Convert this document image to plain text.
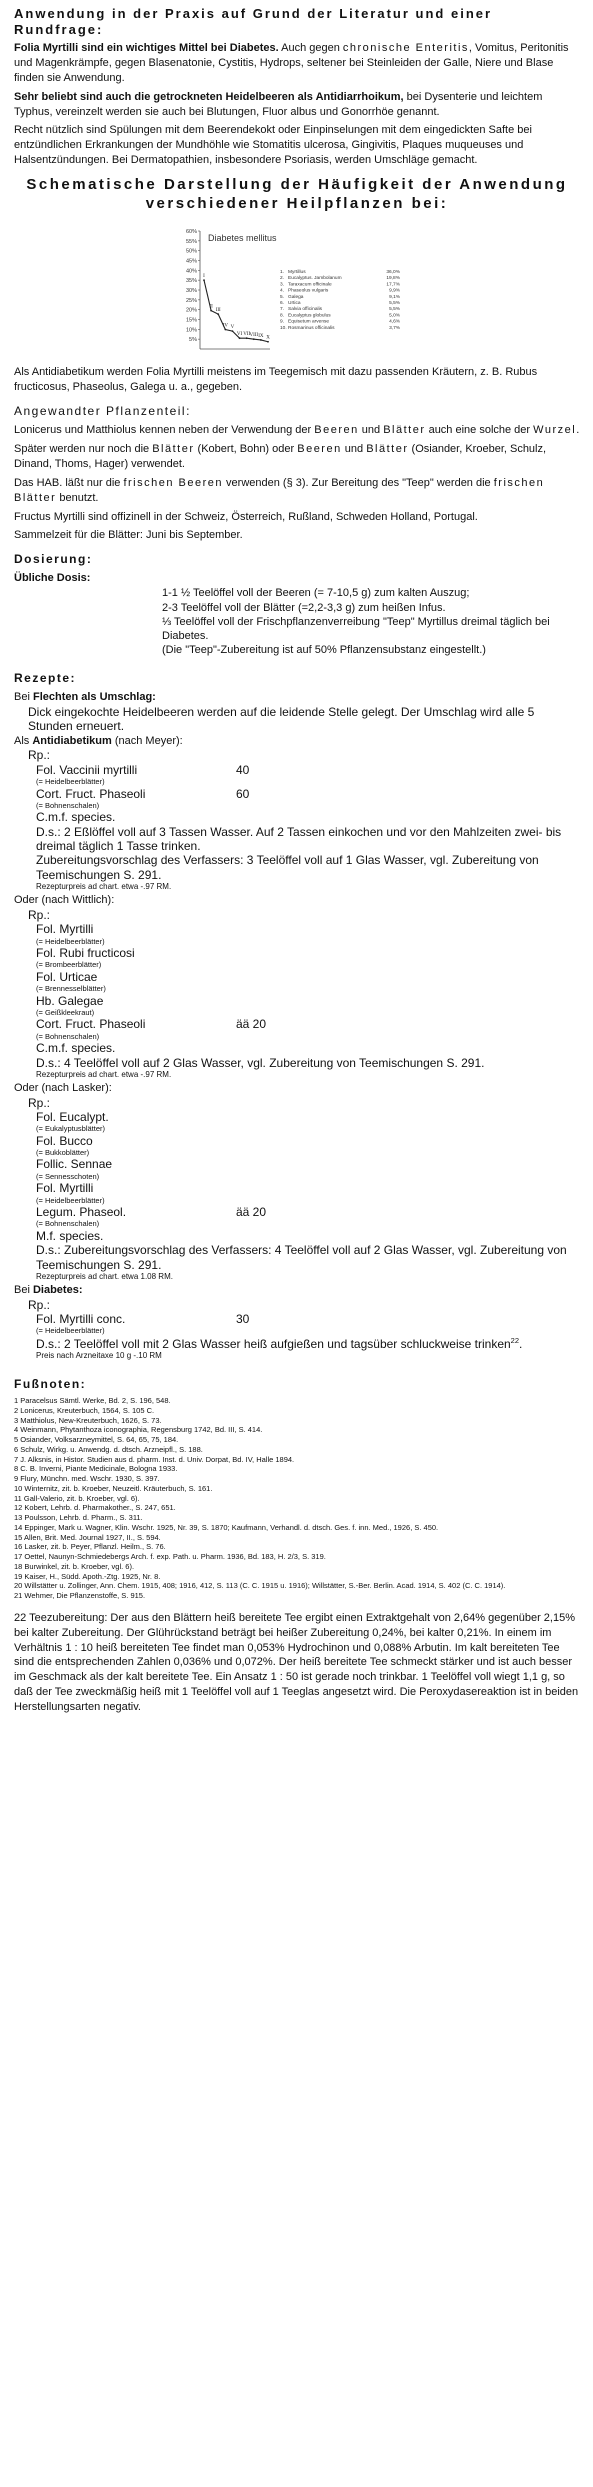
Anwendung in der Praxis auf Grund der Literatur und einer Rundfrage:

Folia Myrtilli sind ein wichtiges Mittel bei Diabetes. Auch gegen chronische Enteritis, Vomitus, Peritonitis und Magenkrämpfe, gegen Blasenatonie, Cystitis, Hydrops, seltener bei Steinleiden der Galle, Niere und Blase finden sie Anwendung.

Sehr beliebt sind auch die getrockneten Heidelbeeren als Antidiarrhoikum, bei Dysenterie und leichtem Typhus, vereinzelt werden sie auch bei Blutungen, Fluor albus und Gonorrhöe genannt.

Recht nützlich sind Spülungen mit dem Beerendekokt oder Einpinselungen mit dem eingedickten Safte bei entzündlichen Erkrankungen der Mundhöhle wie Stomatitis ulcerosa, Gingivitis, Plaques muqueuses und Halsentzündungen. Bei Dermatopathien, insbesondere Psoriasis, werden Umschläge gemacht.

Schematische Darstellung der Häufigkeit der Anwendung verschiedener Heilpflanzen bei:
5%
10%
15%
20%
25%
30%
35%
40%
45%
50%
55%
60%
Diabetes mellitus
I
II
III
IV V
VI VII VIII IX X
1. Myrtillus	36,0%
2. Eucalyptus. Jambolanum	19,8%
3. Taraxacum officinale	17,7%
4. Phaseolus vulgaris	9,9%
5. Galega	9,1%
6. Urtica	5,5%
7. Salvia officinalis	5,5%
8. Eucalyptus globulus	5,0%
9. Equisetum arvense	4,6%
10. Rosmarinus officinalis	3,7%

Als Antidiabetikum werden Folia Myrtilli meistens im Teegemisch mit dazu passenden Kräutern, z. B. Rubus fructicosus, Phaseolus, Galega u. a., gegeben.

Angewandter Pflanzenteil:

Lonicerus und Matthiolus kennen neben der Verwendung der Beeren und Blätter auch eine solche der Wurzel.

Später werden nur noch die Blätter (Kobert, Bohn) oder Beeren und Blätter (Osiander, Kroeber, Schulz, Dinand, Thoms, Hager) verwendet.

Das HAB. läßt nur die frischen Beeren verwenden (§ 3). Zur Bereitung des "Teep" werden die frischen Blätter benutzt.

Fructus Myrtilli sind offizinell in der Schweiz, Österreich, Rußland, Schweden Holland, Portugal.

Sammelzeit für die Blätter: Juni bis September.

Dosierung:
Übliche Dosis:
1-1 ½ Teelöffel voll der Beeren (= 7-10,5 g) zum kalten Auszug;
2-3 Teelöffel voll der Blätter (=2,2-3,3 g) zum heißen Infus.
⅓ Teelöffel voll der Frischpflanzenverreibung "Teep" Myrtillus dreimal täglich bei Diabetes.
(Die "Teep"-Zubereitung ist auf 50% Pflanzensubstanz eingestellt.)
Rezepte:
Bei Flechten als Umschlag:
Dick eingekochte Heidelbeeren werden auf die leidende Stelle gelegt. Der Umschlag wird alle 5 Stunden erneuert.
Als Antidiabetikum (nach Meyer):
Rp.:
Fol. Vaccinii myrtilli	40
(= Heidelbeerblätter)
Cort. Fruct. Phaseoli	60
(= Bohnenschalen)
C.m.f. species.
D.s.: 2 Eßlöffel voll auf 3 Tassen Wasser. Auf 2 Tassen einkochen und vor den Mahlzeiten zwei- bis dreimal täglich 1 Tasse trinken.
Zubereitungsvorschlag des Verfassers: 3 Teelöffel voll auf 1 Glas Wasser, vgl. Zubereitung von Teemischungen S. 291.
Rezepturpreis ad chart. etwa -.97 RM.
Oder (nach Wittlich):
Rp.:
Fol. Myrtilli
(= Heidelbeerblätter)
Fol. Rubi fructicosi
(= Brombeerblätter)
Fol. Urticae
(= Brennesselblätter)
Hb. Galegae
(= Geißkleekraut)
Cort. Fruct. Phaseoli	ää 20
(= Bohnenschalen)
C.m.f. species.
D.s.: 4 Teelöffel voll auf 2 Glas Wasser, vgl. Zubereitung von Teemischungen S. 291.
Rezepturpreis ad chart. etwa -.97 RM.
Oder (nach Lasker):
Rp.:
Fol. Eucalypt.
(= Eukalyptusblätter)
Fol. Bucco
(= Bukkoblätter)
Follic. Sennae
(= Sennesschoten)
Fol. Myrtilli
(= Heidelbeerblätter)
Legum. Phaseol.	ää 20
(= Bohnenschalen)
M.f. species.
D.s.: Zubereitungsvorschlag des Verfassers: 4 Teelöffel voll auf 2 Glas Wasser, vgl. Zubereitung von Teemischungen S. 291.
Rezepturpreis ad chart. etwa 1.08 RM.
Bei Diabetes:
Rp.:
Fol. Myrtilli conc.	30
(= Heidelbeerblätter)
D.s.: 2 Teelöffel voll mit 2 Glas Wasser heiß aufgießen und tagsüber schluckweise trinken$^{22}$.
Preis nach Arzneitaxe 10 g -.10 RM
Fußnoten:

1 Paracelsus Sämtl. Werke, Bd. 2, S. 196, 548.

2 Lonicerus, Kreuterbuch, 1564, S. 105 C.

3 Matthiolus, New-Kreuterbuch, 1626, S. 73.

4 Weinmann, Phytanthoza iconographia, Regensburg 1742, Bd. III, S. 414.

5 Osiander, Volksarzneymittel, S. 64, 65, 75, 184.

6 Schulz, Wirkg. u. Anwendg. d. dtsch. Arzneipfl., S. 188.

7 J. Alksnis, in Histor. Studien aus d. pharm. Inst. d. Univ. Dorpat, Bd. IV, Halle 1894.

8 C. B. Inverni, Piante Medicinale, Bologna 1933.

9 Flury, Münchn. med. Wschr. 1930, S. 397.

10 Winternitz, zit. b. Kroeber, Neuzeitl. Kräuterbuch, S. 161.

11 Gall-Valerio, zit. b. Kroeber, vgl. 6).

12 Kobert, Lehrb. d. Pharmakother., S. 247, 651.

13 Poulsson, Lehrb. d. Pharm., S. 311.

14 Eppinger, Mark u. Wagner, Klin. Wschr. 1925, Nr. 39, S. 1870; Kaufmann, Verhandl. d. dtsch. Ges. f. inn. Med., 1926, S. 450.

15 Allen, Brit. Med. Journal 1927, II., S. 594.

16 Lasker, zit. b. Peyer, Pflanzl. Heilm., S. 76.

17 Oettel, Naunyn-Schmiedebergs Arch. f. exp. Path. u. Pharm. 1936, Bd. 183, H. 2/3, S. 319.

18 Burwinkel, zit. b. Kroeber, vgl. 6).

19 Kaiser, H., Südd. Apoth.-Ztg. 1925, Nr. 8.

20 Willstätter u. Zollinger, Ann. Chem. 1915, 408; 1916, 412, S. 113 (C. C. 1915 u. 1916); Willstätter, S.-Ber. Berlin. Acad. 1914, S. 402 (C. C. 1914).

21 Wehmer, Die Pflanzenstoffe, S. 915.

22 Teezubereitung: Der aus den Blättern heiß bereitete Tee ergibt einen Extraktgehalt von 2,64% gegenüber 2,15% bei kalter Zubereitung. Der Glührückstand beträgt bei heißer Zubereitung 0,24%, bei kalter 0,21%. In einem im Verhältnis 1 : 10 heiß bereiteten Tee findet man 0,053% Hydrochinon und 0,088% Arbutin. Im kalt bereiteten Tee sind die entsprechenden Zahlen 0,036% und 0,072%. Der heiß bereitete Tee schmeckt stärker und ist auch besser im Geschmack als der kalt bereitete Tee. Ein Ansatz 1 : 50 ist gerade noch trinkbar. 1 Teelöffel voll wiegt 1,1 g, so daß der Tee zweckmäßig heiß mit 1 Teelöffel voll auf 1 Teeglas angesetzt wird. Die Peroxydasereaktion ist in beiden Herstellungsarten negativ.
